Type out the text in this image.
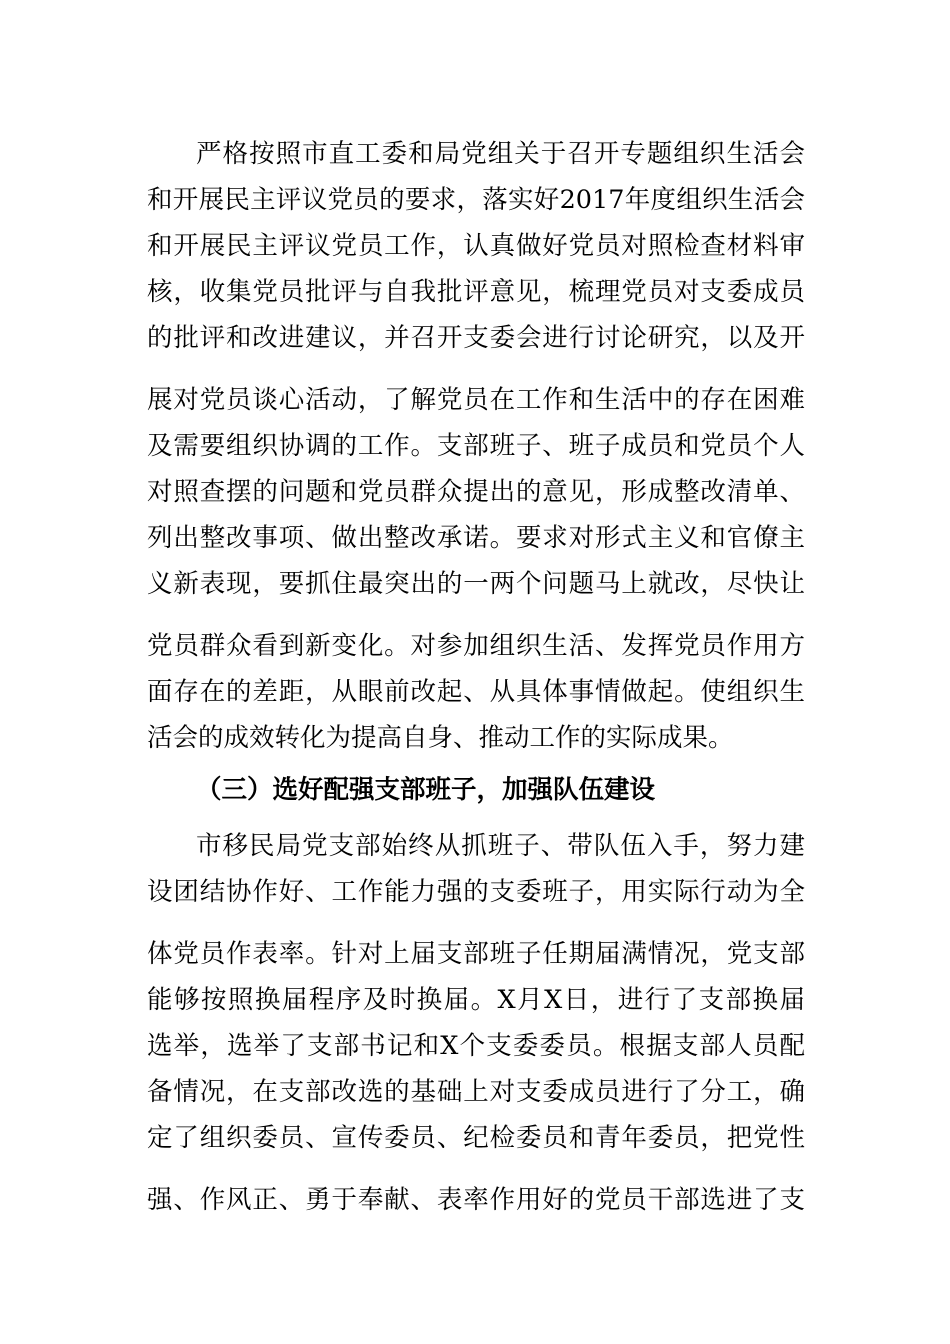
严格按照市直工委和局党组关于召开专题组织生活会
和开展民主评议党员的要求，落实好2017年度组织生活会
和开展民主评议党员工作，认真做好党员对照检查材料审
核，收集党员批评与自我批评意见，梳理党员对支委成员
的批评和改进建议，并召开支委会进行讨论研究，以及开
展对党员谈心活动，了解党员在工作和生活中的存在困难
及需要组织协调的工作。支部班子、班子成员和党员个人
对照查摆的问题和党员群众提出的意见，形成整改清单、
列出整改事项、做出整改承诺。要求对形式主义和官僚主
义新表现，要抓住最突出的一两个问题马上就改，尽快让
党员群众看到新变化。对参加组织生活、发挥党员作用方
面存在的差距，从眼前改起、从具体事情做起。使组织生
活会的成效转化为提高自身、推动工作的实际成果。
（三）选好配强支部班子，加强队伍建设
市移民局党支部始终从抓班子、带队伍入手，努力建
设团结协作好、工作能力强的支委班子，用实际行动为全
体党员作表率。针对上届支部班子任期届满情况，党支部
能够按照换届程序及时换届。X月X日，进行了支部换届
选举，选举了支部书记和X个支委委员。根据支部人员配
备情况，在支部改选的基础上对支委成员进行了分工，确
定了组织委员、宣传委员、纪检委员和青年委员，把党性
强、作风正、勇于奉献、表率作用好的党员干部选进了支
